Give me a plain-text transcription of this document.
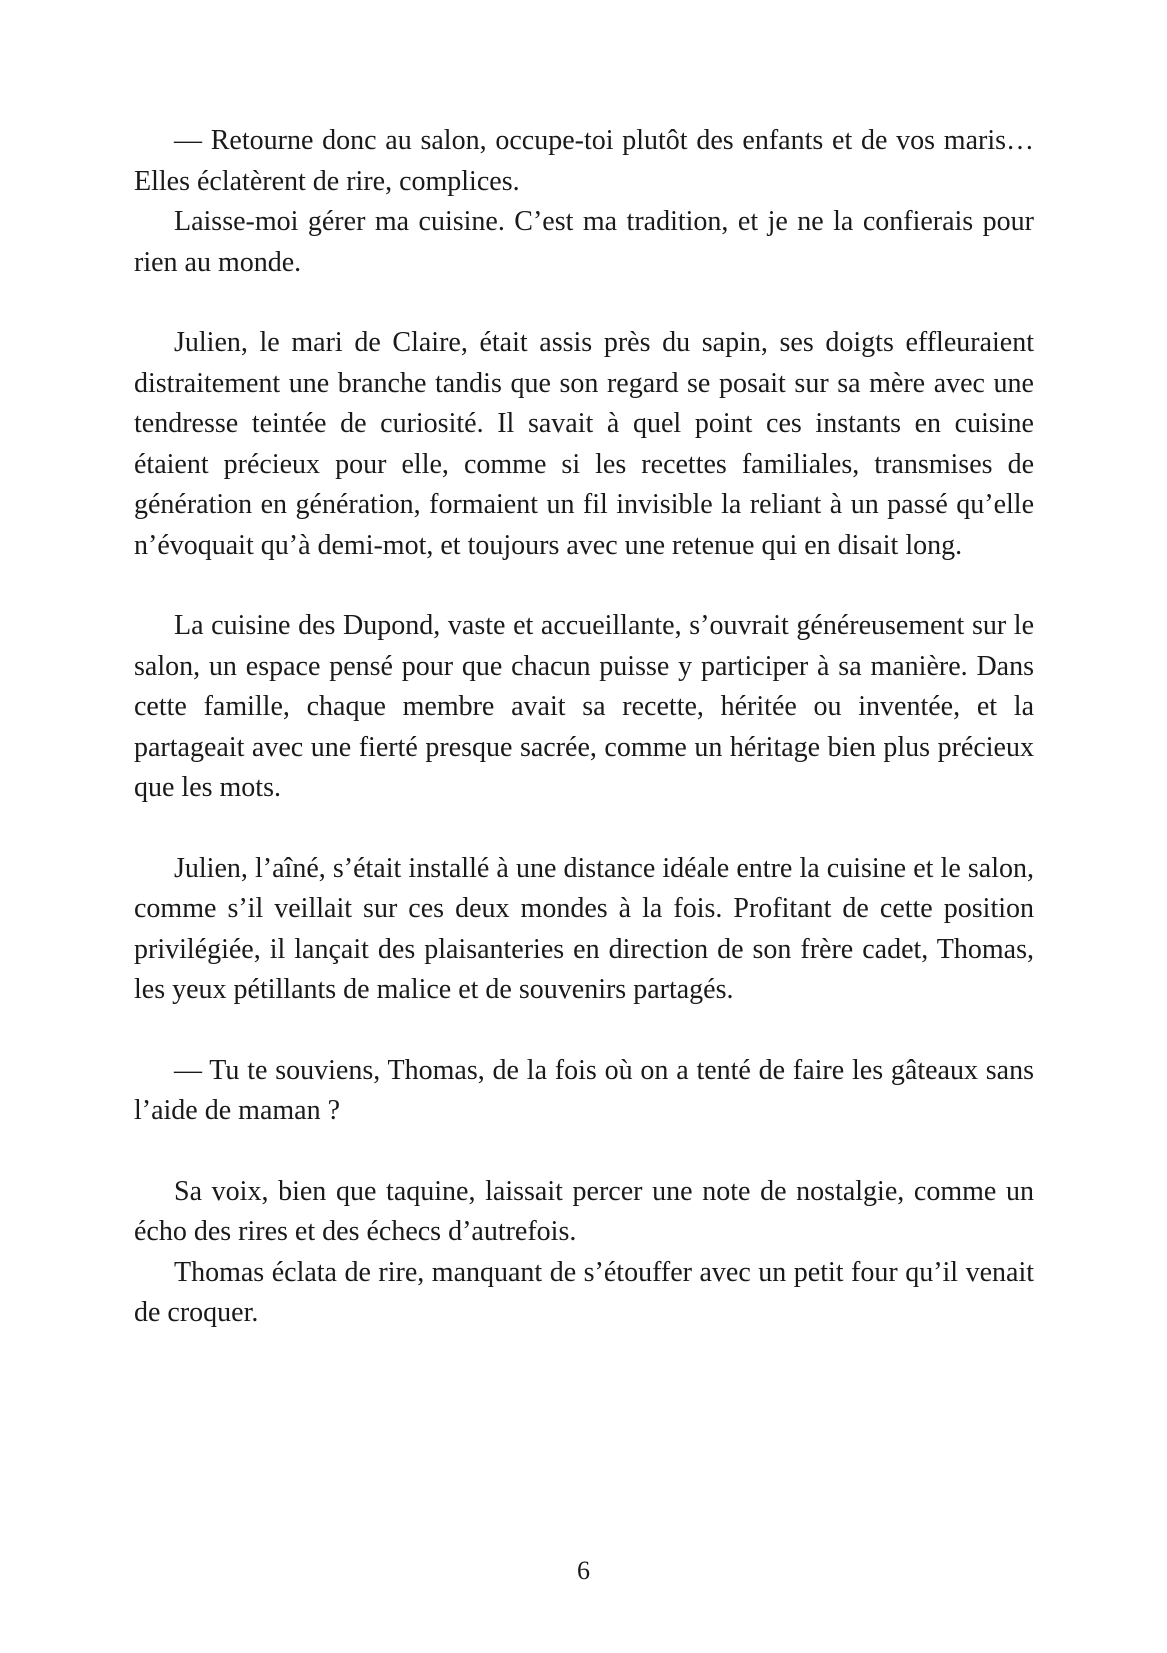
— Retourne donc au salon, occupe-toi plutôt des enfants et de vos maris… Elles éclatèrent de rire, complices.

Laisse-moi gérer ma cuisine. C’est ma tradition, et je ne la confierais pour rien au monde.

Julien, le mari de Claire, était assis près du sapin, ses doigts effleuraient distraitement une branche tandis que son regard se posait sur sa mère avec une tendresse teintée de curiosité. Il savait à quel point ces instants en cuisine étaient précieux pour elle, comme si les recettes familiales, transmises de génération en génération, formaient un fil invisible la reliant à un passé qu’elle n’évoquait qu’à demi-mot, et toujours avec une retenue qui en disait long.

La cuisine des Dupond, vaste et accueillante, s’ouvrait généreusement sur le salon, un espace pensé pour que chacun puisse y participer à sa manière. Dans cette famille, chaque membre avait sa recette, héritée ou inventée, et la partageait avec une fierté presque sacrée, comme un héritage bien plus précieux que les mots.

Julien, l’aîné, s’était installé à une distance idéale entre la cuisine et le salon, comme s’il veillait sur ces deux mondes à la fois. Profitant de cette position privilégiée, il lançait des plaisanteries en direction de son frère cadet, Thomas, les yeux pétillants de malice et de souvenirs partagés.

— Tu te souviens, Thomas, de la fois où on a tenté de faire les gâteaux sans l’aide de maman ?

Sa voix, bien que taquine, laissait percer une note de nostalgie, comme un écho des rires et des échecs d’autrefois.

Thomas éclata de rire, manquant de s’étouffer avec un petit four qu’il venait de croquer.

6
